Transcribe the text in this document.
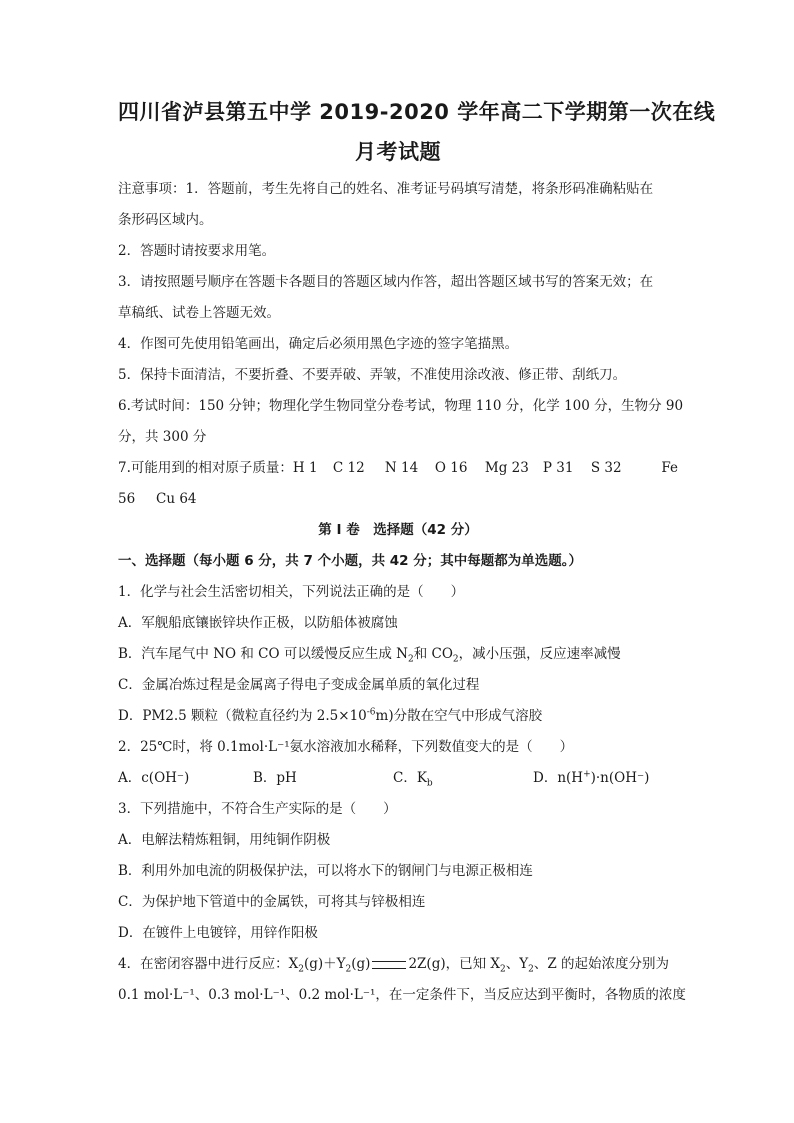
四川省泸县第五中学 2019-2020 学年高二下学期第一次在线

月考试题

注意事项：1．答题前，考生先将自己的姓名、准考证号码填写清楚，将条形码准确粘贴在

条形码区域内。

2．答题时请按要求用笔。

3．请按照题号顺序在答题卡各题目的答题区域内作答，超出答题区域书写的答案无效；在

草稿纸、试卷上答题无效。

4．作图可先使用铅笔画出，确定后必须用黑色字迹的签字笔描黑。

5．保持卡面清洁，不要折叠、不要弄破、弄皱，不准使用涂改液、修正带、刮纸刀。

6.考试时间：150 分钟；物理化学生物同堂分卷考试，物理 110 分，化学 100 分，生物分 90

分，共 300 分

7.可能用到的相对原子质量： H 1	C 12	N 14	O 16	Mg 23	P 31	S 32	Fe

56	Cu 64

第 I 卷　选择题（42 分）

一、选择题（每小题 6 分，共 7 个小题，共 42 分；其中每题都为单选题。）

1．化学与社会生活密切相关，下列说法正确的是（　　）

A．军舰船底镶嵌锌块作正极，以防船体被腐蚀

B．汽车尾气中 NO 和 CO 可以缓慢反应生成 $N_2$和 $CO_2$，减小压强，反应速率减慢

C．金属冶炼过程是金属离子得电子变成金属单质的氧化过程

D．PM2.5 颗粒（微粒直径约为 $2.5\times 10^{-6}m$)分散在空气中形成气溶胶

2．25℃时，将 0.1mol·L⁻¹氨水溶液加水稀释，下列数值变大的是（　　）

A．c(OH⁻)	B．pH	C．$K_b$	D．n(H+)·n(OH⁻)

3．下列措施中，不符合生产实际的是（　　）

A．电解法精炼粗铜，用纯铜作阴极

B．利用外加电流的阴极保护法，可以将水下的钢闸门与电源正极相连

C．为保护地下管道中的金属铁，可将其与锌极相连

D．在镀件上电镀锌，用锌作阳极

4．在密闭容器中进行反应：$X_2(g)+Y_2(g)$	2Z(g)，已知 $X_2$、$Y_2$、Z 的起始浓度分别为

0.1 mol·L⁻¹、0.3 mol·L⁻¹、0.2 mol·L⁻¹，在一定条件下，当反应达到平衡时，各物质的浓度
